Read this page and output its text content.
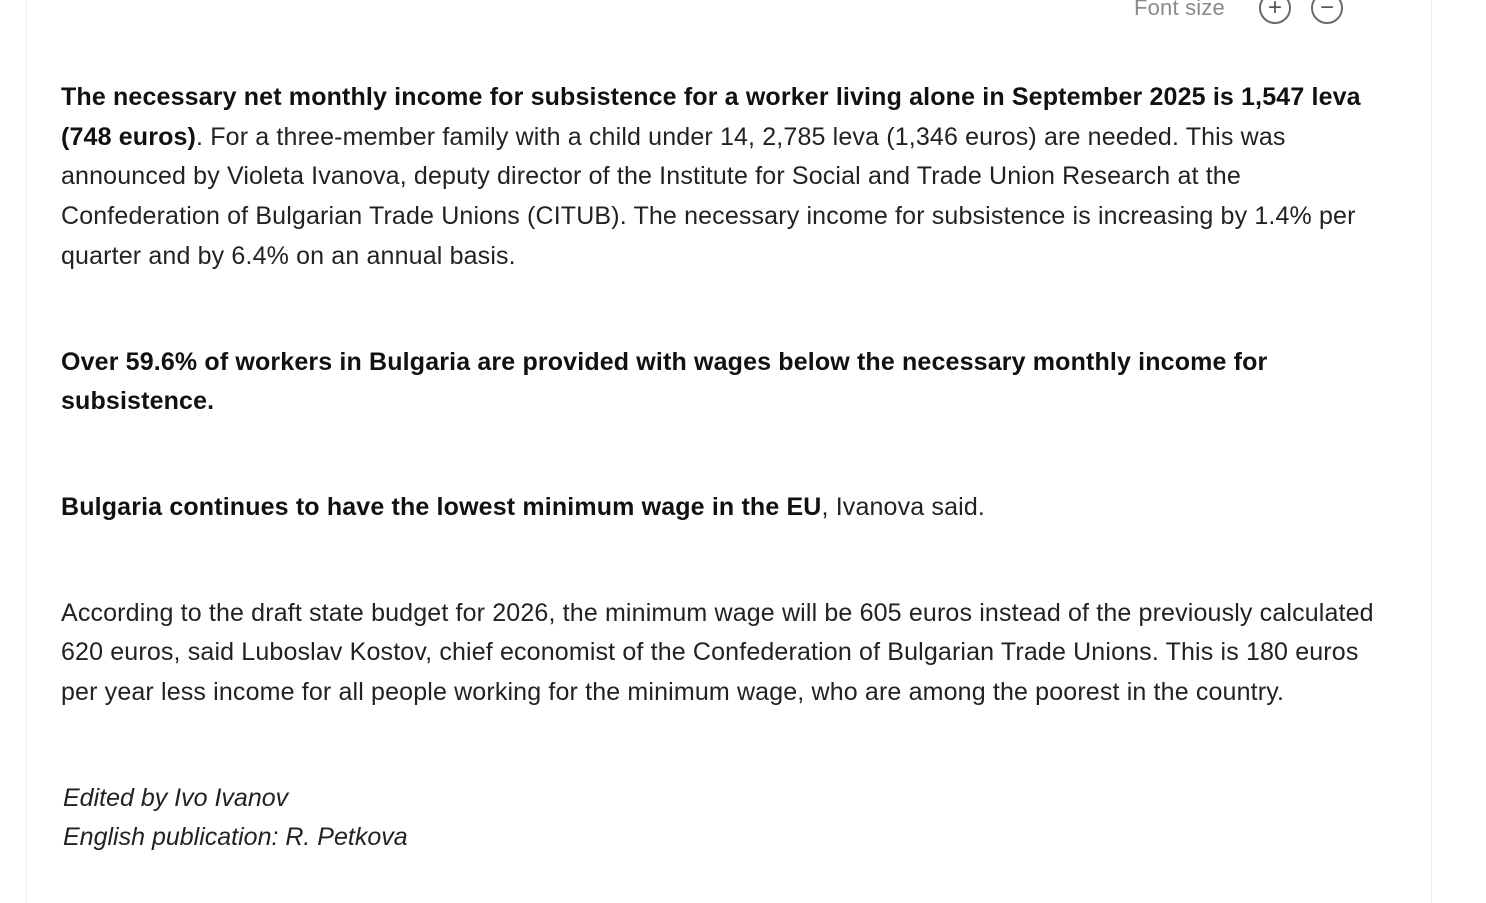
Font size + −

The necessary net monthly income for subsistence for a worker living alone in September 2025 is 1,547 leva (748 euros). For a three-member family with a child under 14, 2,785 leva (1,346 euros) are needed. This was announced by Violeta Ivanova, deputy director of the Institute for Social and Trade Union Research at the Confederation of Bulgarian Trade Unions (CITUB). The necessary income for subsistence is increasing by 1.4% per quarter and by 6.4% on an annual basis.

Over 59.6% of workers in Bulgaria are provided with wages below the necessary monthly income for subsistence.

Bulgaria continues to have the lowest minimum wage in the EU, Ivanova said.

According to the draft state budget for 2026, the minimum wage will be 605 euros instead of the previously calculated 620 euros, said Luboslav Kostov, chief economist of the Confederation of Bulgarian Trade Unions. This is 180 euros per year less income for all people working for the minimum wage, who are among the poorest in the country.

Edited by Ivo Ivanov
English publication: R. Petkova
